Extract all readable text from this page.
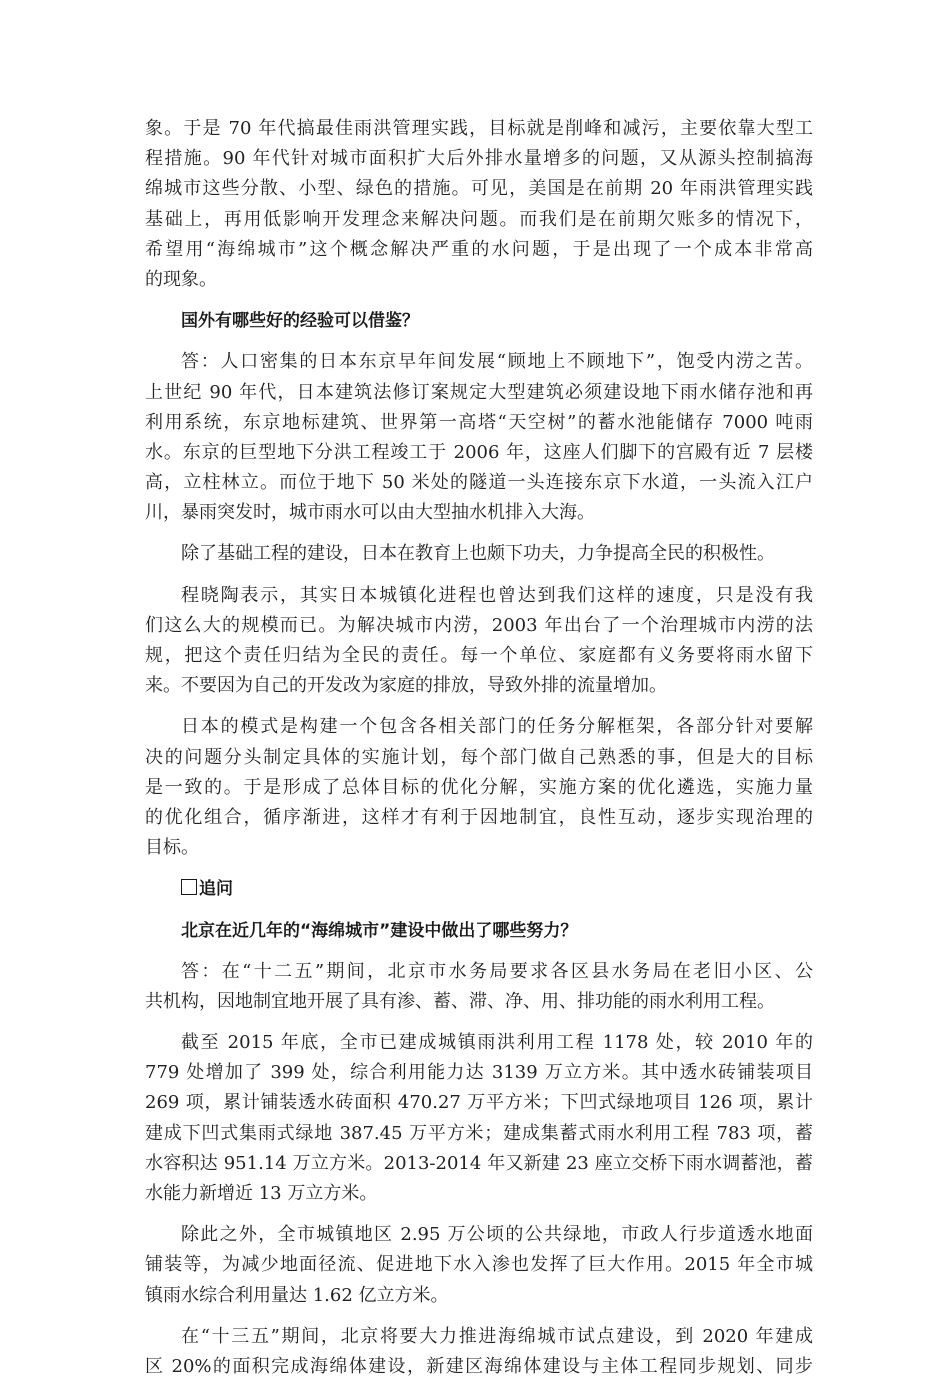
象。于是 70 年代搞最佳雨洪管理实践，目标就是削峰和减污，主要依靠大型工
程措施。90 年代针对城市面积扩大后外排水量增多的问题，又从源头控制搞海
绵城市这些分散、小型、绿色的措施。可见，美国是在前期 20 年雨洪管理实践
基础上，再用低影响开发理念来解决问题。而我们是在前期欠账多的情况下，
希望用“海绵城市”这个概念解决严重的水问题，于是出现了一个成本非常高
的现象。
国外有哪些好的经验可以借鉴？
答：人口密集的日本东京早年间发展“顾地上不顾地下”，饱受内涝之苦。
上世纪 90 年代，日本建筑法修订案规定大型建筑必须建设地下雨水储存池和再
利用系统，东京地标建筑、世界第一高塔“天空树”的蓄水池能储存 7000 吨雨
水。东京的巨型地下分洪工程竣工于 2006 年，这座人们脚下的宫殿有近 7 层楼
高，立柱林立。而位于地下 50 米处的隧道一头连接东京下水道，一头流入江户
川，暴雨突发时，城市雨水可以由大型抽水机排入大海。
除了基础工程的建设，日本在教育上也颇下功夫，力争提高全民的积极性。
程晓陶表示，其实日本城镇化进程也曾达到我们这样的速度，只是没有我
们这么大的规模而已。为解决城市内涝，2003 年出台了一个治理城市内涝的法
规，把这个责任归结为全民的责任。每一个单位、家庭都有义务要将雨水留下
来。不要因为自己的开发改为家庭的排放，导致外排的流量增加。
日本的模式是构建一个包含各相关部门的任务分解框架，各部分针对要解
决的问题分头制定具体的实施计划，每个部门做自己熟悉的事，但是大的目标
是一致的。于是形成了总体目标的优化分解，实施方案的优化遴选，实施力量
的优化组合，循序渐进，这样才有利于因地制宜，良性互动，逐步实现治理的
目标。
追问
北京在近几年的“海绵城市”建设中做出了哪些努力？
答：在“十二五”期间，北京市水务局要求各区县水务局在老旧小区、公
共机构，因地制宜地开展了具有渗、蓄、滞、净、用、排功能的雨水利用工程。
截至 2015 年底，全市已建成城镇雨洪利用工程 1178 处，较 2010 年的
779 处增加了 399 处，综合利用能力达 3139 万立方米。其中透水砖铺装项目
269 项，累计铺装透水砖面积 470.27 万平方米；下凹式绿地项目 126 项，累计
建成下凹式集雨式绿地 387.45 万平方米；建成集蓄式雨水利用工程 783 项，蓄
水容积达 951.14 万立方米。2013-2014 年又新建 23 座立交桥下雨水调蓄池，蓄
水能力新增近 13 万立方米。
除此之外，全市城镇地区 2.95 万公顷的公共绿地，市政人行步道透水地面
铺装等，为减少地面径流、促进地下水入渗也发挥了巨大作用。2015 年全市城
镇雨水综合利用量达 1.62 亿立方米。
在“十三五”期间，北京将要大力推进海绵城市试点建设，到 2020 年建成
区 20%的面积完成海绵体建设，新建区海绵体建设与主体工程同步规划、同步
